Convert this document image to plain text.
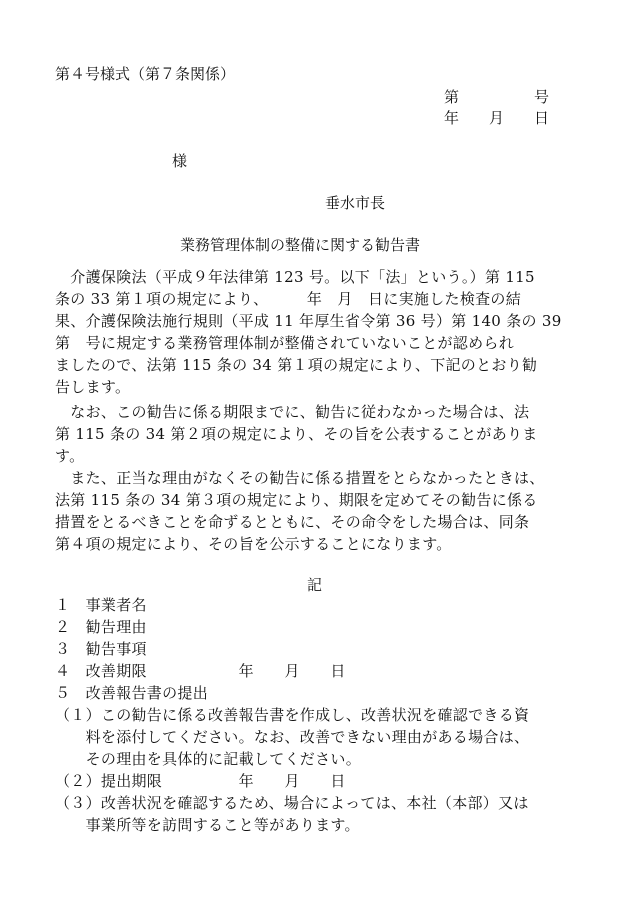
第４号様式（第７条関係）
第　　　　　号
年　　月　　日
様
垂水市長
業務管理体制の整備に関する勧告書
　介護保険法（平成９年法律第 123 号。以下「法」という。）第 115
条の 33 第１項の規定により、　　　年　月　日に実施した検査の結
果、介護保険法施行規則（平成 11 年厚生省令第 36 号）第 140 条の 39
第　号に規定する業務管理体制が整備されていないことが認められ
ましたので、法第 115 条の 34 第１項の規定により、下記のとおり勧
告します。
　なお、この勧告に係る期限までに、勧告に従わなかった場合は、法
第 115 条の 34 第２項の規定により、その旨を公表することがありま
す。
　また、正当な理由がなくその勧告に係る措置をとらなかったときは、
法第 115 条の 34 第３項の規定により、期限を定めてその勧告に係る
措置をとるべきことを命ずるとともに、その命令をした場合は、同条
第４項の規定により、その旨を公示することになります。
記
１　事業者名
２　勧告理由
３　勧告事項
４　改善期限　　　　　　年　　月　　日
５　改善報告書の提出
（１）この勧告に係る改善報告書を作成し、改善状況を確認できる資
　　料を添付してください。なお、改善できない理由がある場合は、
　　その理由を具体的に記載してください。
（２）提出期限　　　　　年　　月　　日
（３）改善状況を確認するため、場合によっては、本社（本部）又は
　　事業所等を訪問すること等があります。
